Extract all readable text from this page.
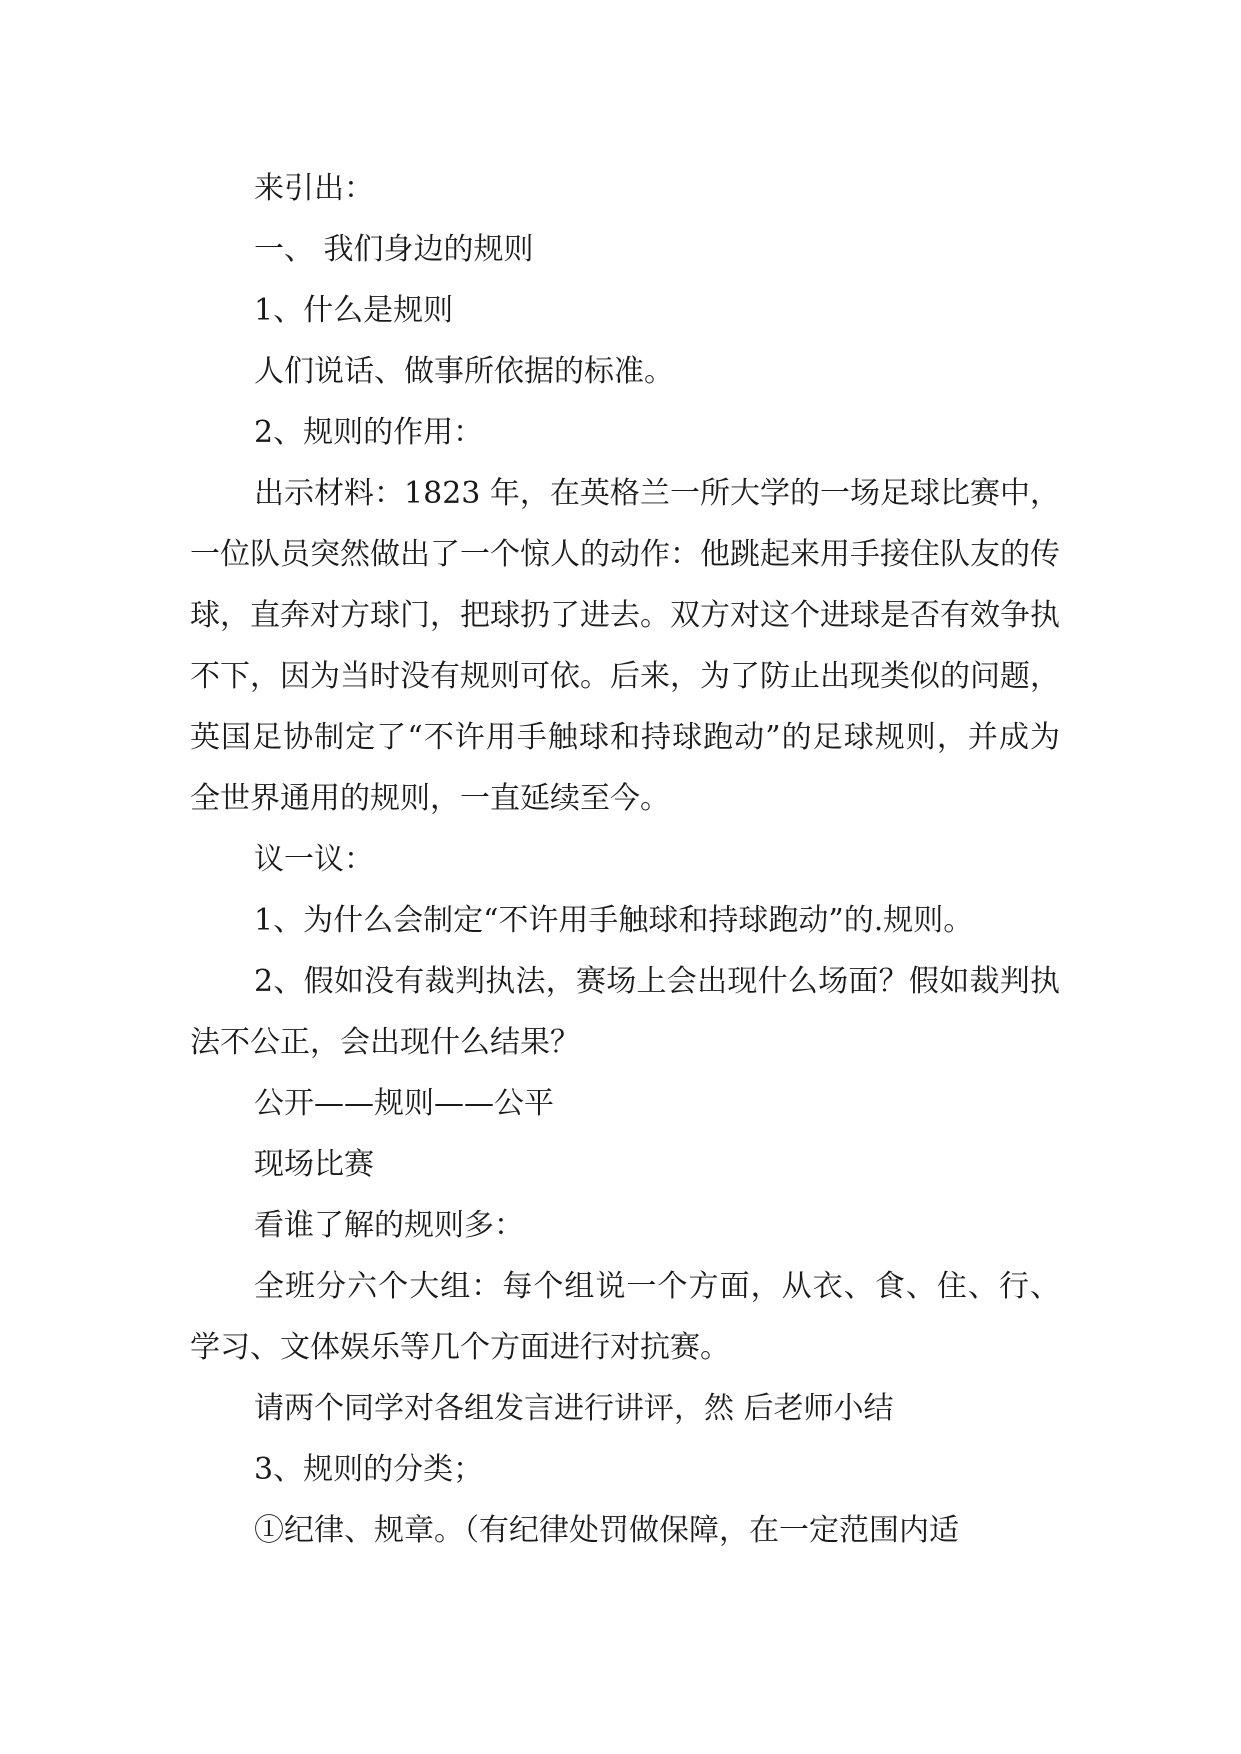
来引出：

一、 我们身边的规则

1、什么是规则

人们说话、做事所依据的标准。

2、规则的作用：

出示材料：1823 年，在英格兰一所大学的一场足球比赛中，一位队员突然做出了一个惊人的动作：他跳起来用手接住队友的传球，直奔对方球门，把球扔了进去。双方对这个进球是否有效争执不下，因为当时没有规则可依。后来，为了防止出现类似的问题，英国足协制定了“不许用手触球和持球跑动”的足球规则，并成为全世界通用的规则，一直延续至今。

议一议：

1、为什么会制定“不许用手触球和持球跑动”的.规则。

2、假如没有裁判执法，赛场上会出现什么场面？假如裁判执法不公正，会出现什么结果？

公开——规则——公平

现场比赛

看谁了解的规则多：

全班分六个大组：每个组说一个方面，从衣、食、住、行、学习、文体娱乐等几个方面进行对抗赛。

请两个同学对各组发言进行讲评，然 后老师小结

3、规则的分类；

①纪律、规章。（有纪律处罚做保障，在一定范围内适
